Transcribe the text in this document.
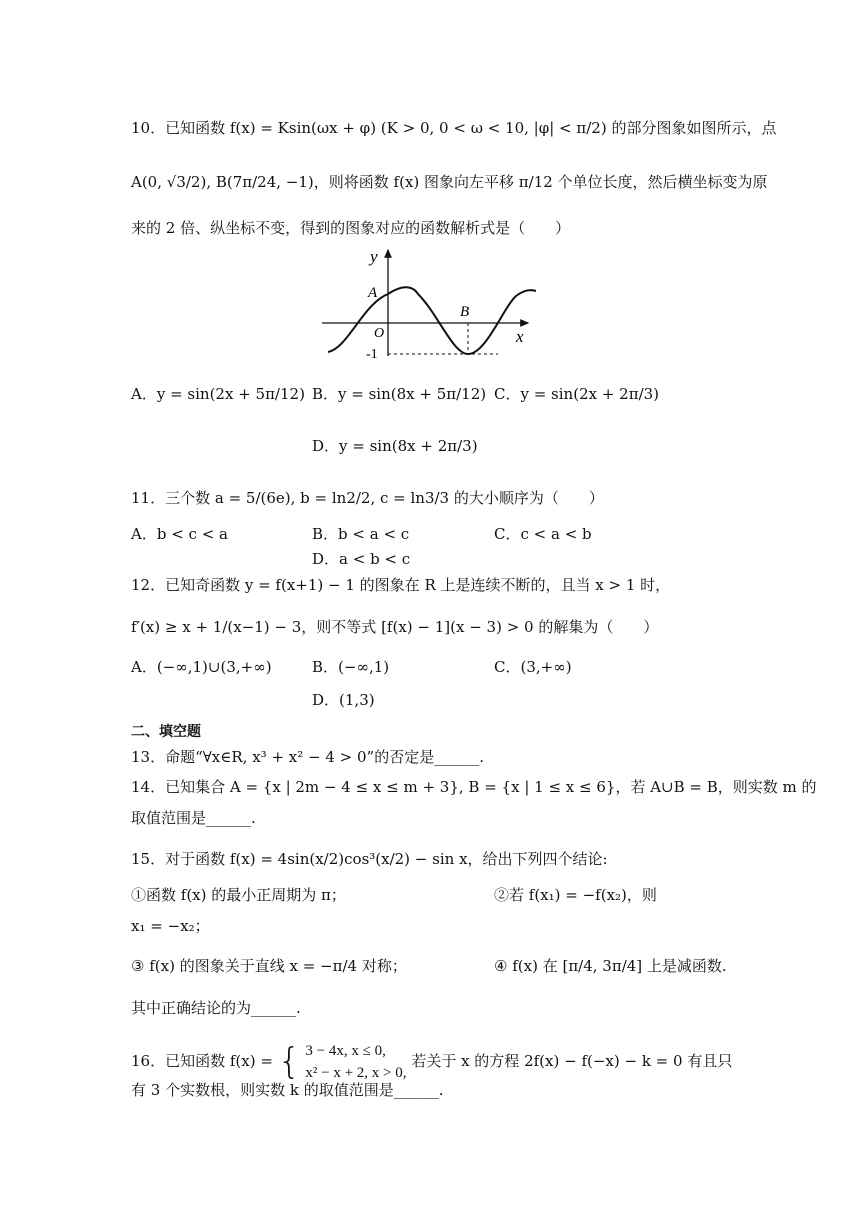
10．已知函数 f(x) = Ksin(ωx + φ) (K > 0, 0 < ω < 10, |φ| < π/2) 的部分图象如图所示，点
A(0, √3/2), B(7π/24, −1)，则将函数 f(x) 图象向左平移 π/12 个单位长度，然后横坐标变为原
来的 2 倍、纵坐标不变，得到的图象对应的函数解析式是（　　）
y
x
A
B
O
-1
A．y = sin(2x + 5π/12) B．y = sin(8x + 5π/12) C．y = sin(2x + 2π/3)
D．y = sin(8x + 2π/3)
11．三个数 a = 5/(6e), b = ln2/2, c = ln3/3 的大小顺序为（　　）
A．b < c < a	B．b < a < c	C．c < a < b
D．a < b < c
12．已知奇函数 y = f(x+1) − 1 的图象在 R 上是连续不断的，且当 x > 1 时，
f′(x) ≥ x + 1/(x−1) − 3，则不等式 [f(x) − 1](x − 3) > 0 的解集为（　　）
A．(−∞,1)∪(3,+∞)	B．(−∞,1)	C．(3,+∞)
D．(1,3)
二、填空题
13．命题“∀x∈R, x³ + x² − 4 > 0”的否定是______.
14．已知集合 A = {x | 2m − 4 ≤ x ≤ m + 3}, B = {x | 1 ≤ x ≤ 6}，若 A∪B = B，则实数 m 的
取值范围是______.
15．对于函数 f(x) = 4sin(x/2)cos³(x/2) − sin x，给出下列四个结论:
①函数 f(x) 的最小正周期为 π；	②若 f(x₁) = −f(x₂)，则
x₁ = −x₂；
③ f(x) 的图象关于直线 x = −π/4 对称；	④ f(x) 在 [π/4, 3π/4] 上是减函数.
其中正确结论的为______.
16．已知函数 f(x) = { 3 − 4x, x ≤ 0,
x² − x + 2, x > 0,
若关于 x 的方程 2f(x) − f(−x) − k = 0 有且只
有 3 个实数根，则实数 k 的取值范围是______.
